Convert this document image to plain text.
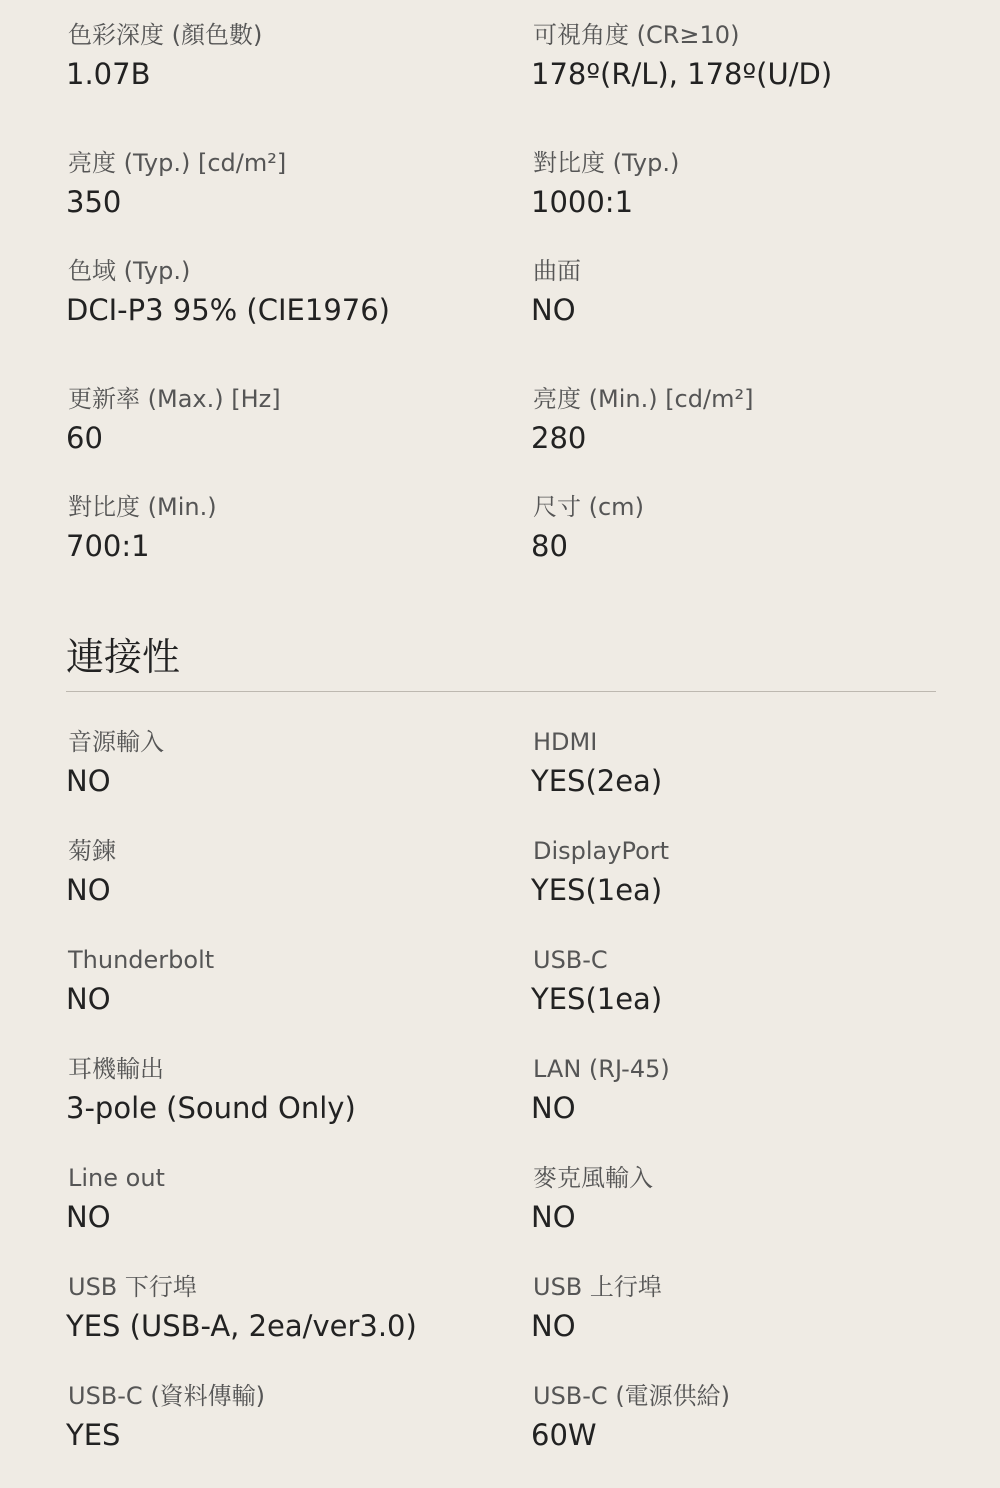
色彩深度 (顏色數)
1.07B
可視角度 (CR≥10)
178º(R/L), 178º(U/D)
亮度 (Typ.) [cd/m²]
350
對比度 (Typ.)
1000:1
色域 (Typ.)
DCI-P3 95% (CIE1976)
曲面
NO
更新率 (Max.) [Hz]
60
亮度 (Min.) [cd/m²]
280
對比度 (Min.)
700:1
尺寸 (cm)
80
連接性
音源輸入
NO
HDMI
YES(2ea)
菊鍊
NO
DisplayPort
YES(1ea)
Thunderbolt
NO
USB-C
YES(1ea)
耳機輸出
3-pole (Sound Only)
LAN (RJ-45)
NO
Line out
NO
麥克風輸入
NO
USB 下行埠
YES (USB-A, 2ea/ver3.0)
USB 上行埠
NO
USB-C (資料傳輸)
YES
USB-C (電源供給)
60W
